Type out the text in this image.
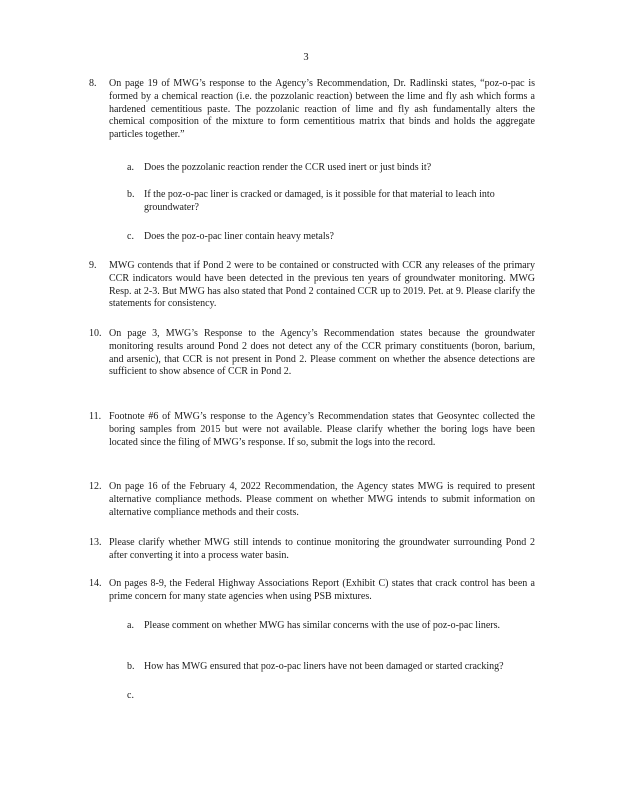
3
8. On page 19 of MWG’s response to the Agency’s Recommendation, Dr. Radlinski states, “poz-o-pac is formed by a chemical reaction (i.e. the pozzolanic reaction) between the lime and fly ash which forms a hardened cementitious paste. The pozzolanic reaction of lime and fly ash fundamentally alters the chemical composition of the mixture to form cementitious matrix that binds and holds the aggregate particles together.”
a. Does the pozzolanic reaction render the CCR used inert or just binds it?
b. If the poz-o-pac liner is cracked or damaged, is it possible for that material to leach into groundwater?
c. Does the poz-o-pac liner contain heavy metals?
9. MWG contends that if Pond 2 were to be contained or constructed with CCR any releases of the primary CCR indicators would have been detected in the previous ten years of groundwater monitoring. MWG Resp. at 2-3. But MWG has also stated that Pond 2 contained CCR up to 2019. Pet. at 9. Please clarify the statements for consistency.
10. On page 3, MWG’s Response to the Agency’s Recommendation states because the groundwater monitoring results around Pond 2 does not detect any of the CCR primary constituents (boron, barium, and arsenic), that CCR is not present in Pond 2. Please comment on whether the absence detections are sufficient to show absence of CCR in Pond 2.
11. Footnote #6 of MWG’s response to the Agency’s Recommendation states that Geosyntec collected the boring samples from 2015 but were not available. Please clarify whether the boring logs have been located since the filing of MWG’s response. If so, submit the logs into the record.
12. On page 16 of the February 4, 2022 Recommendation, the Agency states MWG is required to present alternative compliance methods. Please comment on whether MWG intends to submit information on alternative compliance methods and their costs.
13. Please clarify whether MWG still intends to continue monitoring the groundwater surrounding Pond 2 after converting it into a process water basin.
14. On pages 8-9, the Federal Highway Associations Report (Exhibit C) states that crack control has been a prime concern for many state agencies when using PSB mixtures.
a. Please comment on whether MWG has similar concerns with the use of poz-o-pac liners.
b. How has MWG ensured that poz-o-pac liners have not been damaged or started cracking?
c.
